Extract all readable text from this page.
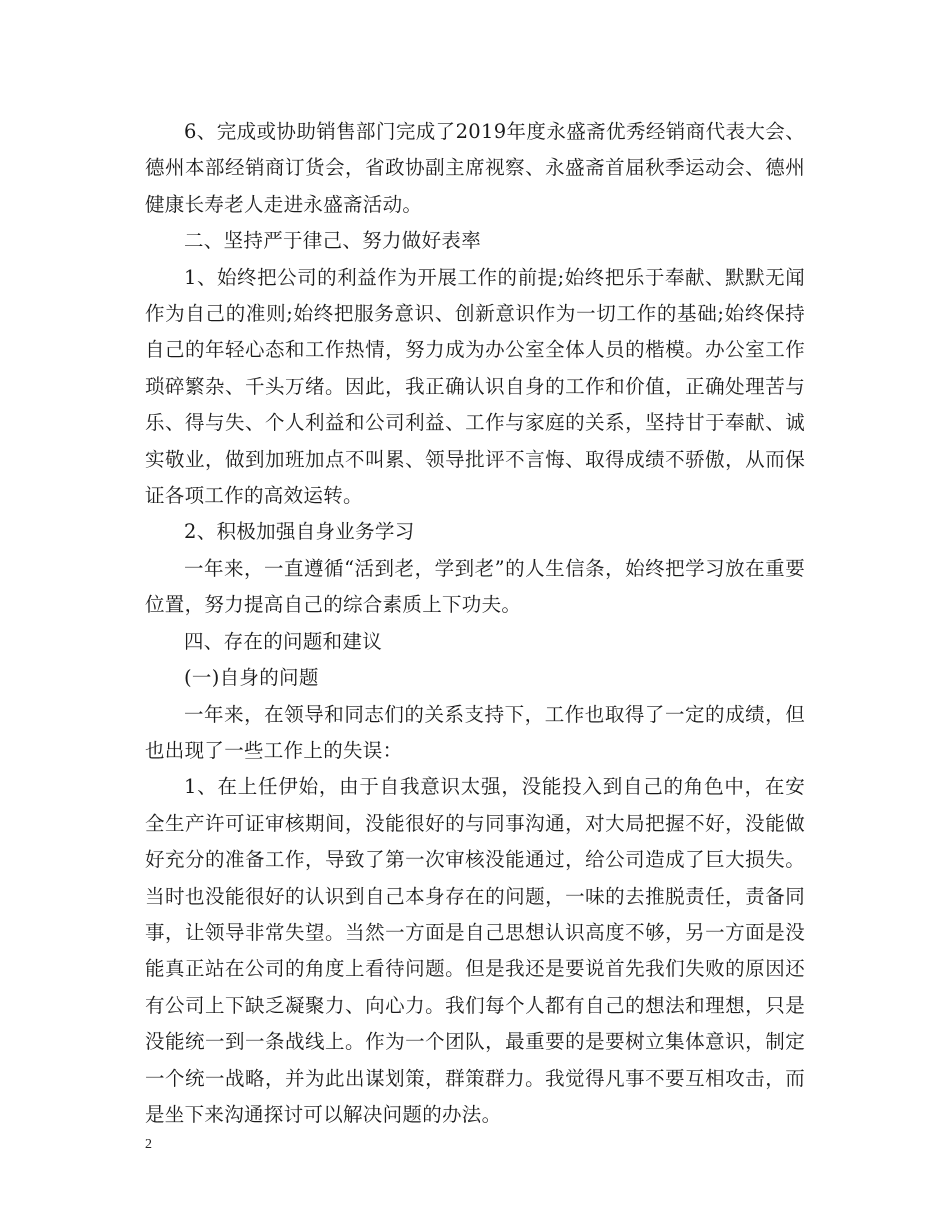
6、完成或协助销售部门完成了2019年度永盛斋优秀经销商代表大会、德州本部经销商订货会，省政协副主席视察、永盛斋首届秋季运动会、德州健康长寿老人走进永盛斋活动。

二、坚持严于律己、努力做好表率

1、始终把公司的利益作为开展工作的前提;始终把乐于奉献、默默无闻作为自己的准则;始终把服务意识、创新意识作为一切工作的基础;始终保持自己的年轻心态和工作热情，努力成为办公室全体人员的楷模。办公室工作琐碎繁杂、千头万绪。因此，我正确认识自身的工作和价值，正确处理苦与乐、得与失、个人利益和公司利益、工作与家庭的关系，坚持甘于奉献、诚实敬业，做到加班加点不叫累、领导批评不言悔、取得成绩不骄傲，从而保证各项工作的高效运转。

2、积极加强自身业务学习

一年来，一直遵循“活到老，学到老”的人生信条，始终把学习放在重要位置，努力提高自己的综合素质上下功夫。

四、存在的问题和建议

(一)自身的问题

一年来，在领导和同志们的关系支持下，工作也取得了一定的成绩，但也出现了一些工作上的失误：

1、在上任伊始，由于自我意识太强，没能投入到自己的角色中，在安全生产许可证审核期间，没能很好的与同事沟通，对大局把握不好，没能做好充分的准备工作，导致了第一次审核没能通过，给公司造成了巨大损失。当时也没能很好的认识到自己本身存在的问题，一味的去推脱责任，责备同事，让领导非常失望。当然一方面是自己思想认识高度不够，另一方面是没能真正站在公司的角度上看待问题。但是我还是要说首先我们失败的原因还有公司上下缺乏凝聚力、向心力。我们每个人都有自己的想法和理想，只是没能统一到一条战线上。作为一个团队，最重要的是要树立集体意识，制定一个统一战略，并为此出谋划策，群策群力。我觉得凡事不要互相攻击，而是坐下来沟通探讨可以解决问题的办法。

2
